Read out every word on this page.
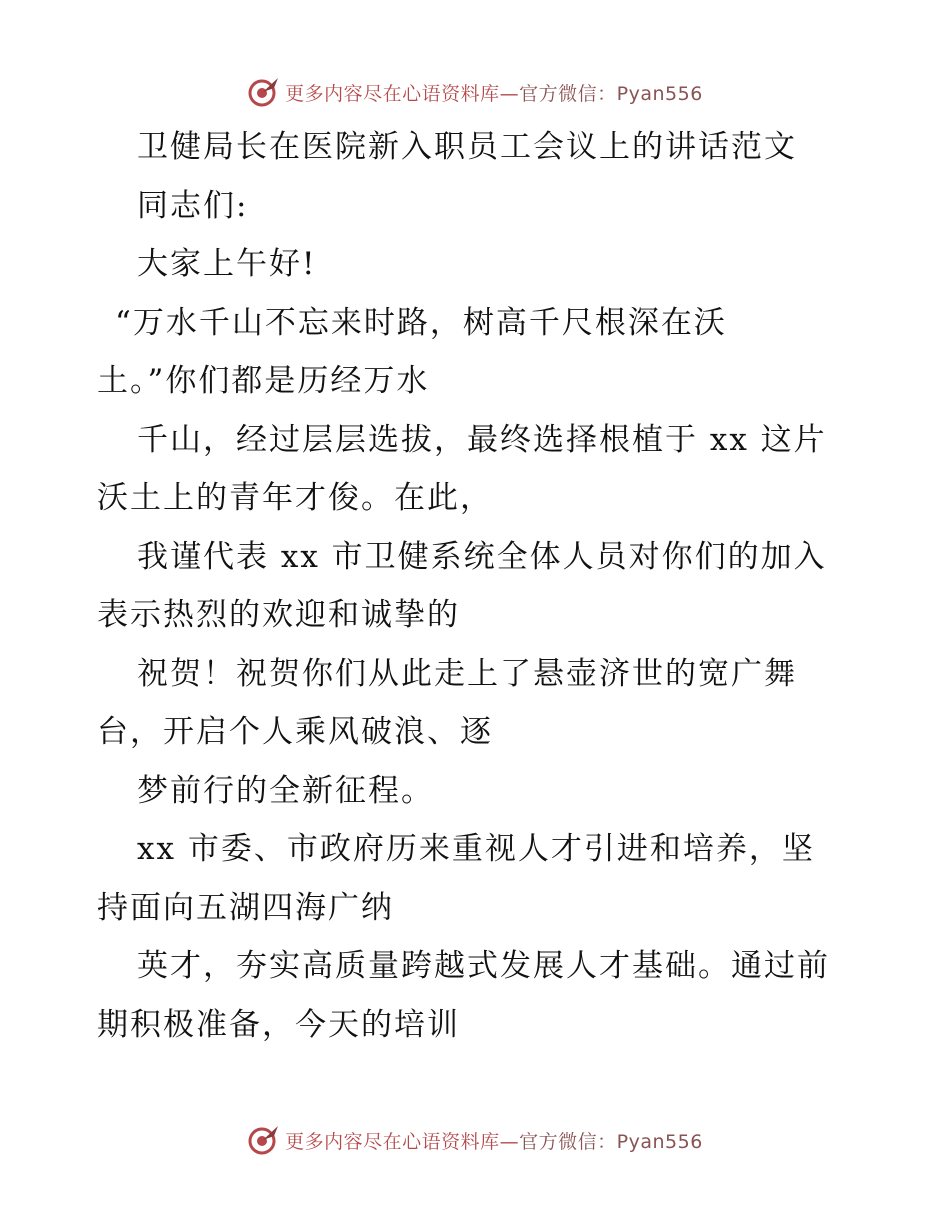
更多内容尽在心语资料库—官方微信：Pyan556
卫健局长在医院新入职员工会议上的讲话范文
同志们:
大家上午好!
“万水千山不忘来时路，树高千尺根深在沃
土。”你们都是历经万水
千山，经过层层选拔，最终选择根植于 xx 这片
沃土上的青年才俊。在此，
我谨代表 xx 市卫健系统全体人员对你们的加入
表示热烈的欢迎和诚挚的
祝贺！祝贺你们从此走上了悬壶济世的宽广舞
台，开启个人乘风破浪、逐
梦前行的全新征程。
xx 市委、市政府历来重视人才引进和培养，坚
持面向五湖四海广纳
英才，夯实高质量跨越式发展人才基础。通过前
期积极准备，今天的培训
更多内容尽在心语资料库—官方微信：Pyan556
